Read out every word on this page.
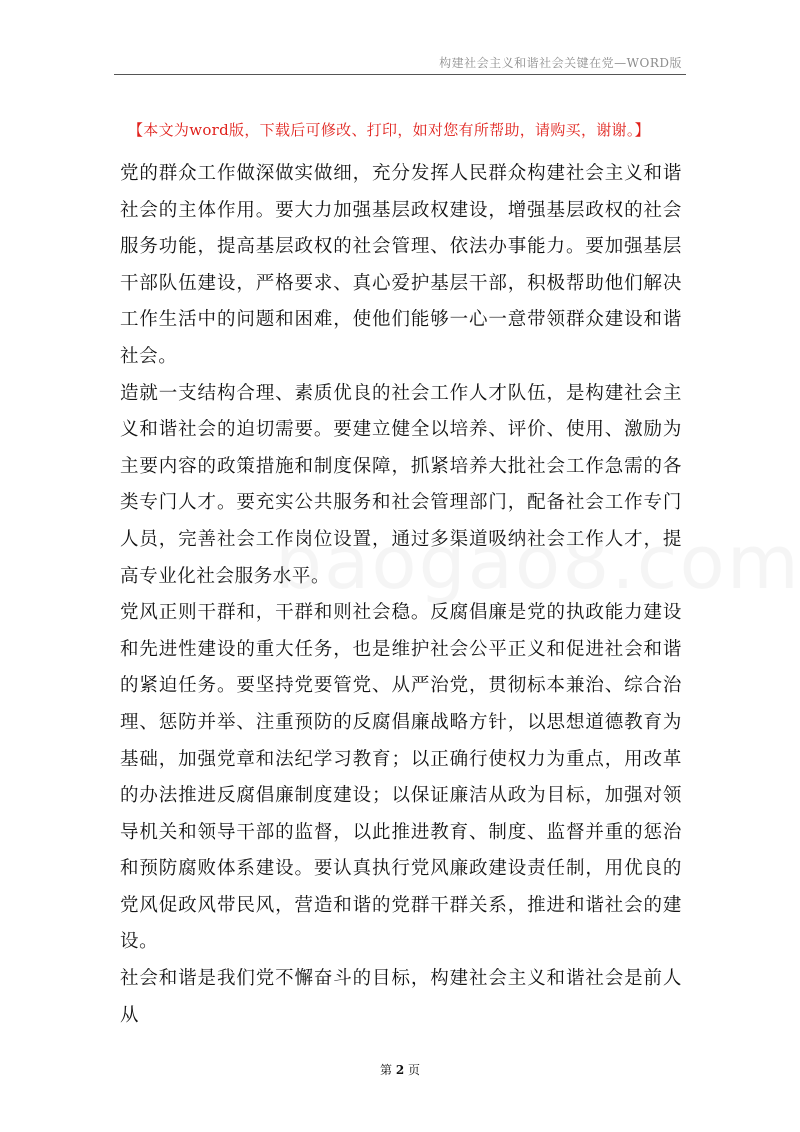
构建社会主义和谐社会关键在党—WORD版
【本文为word版，下载后可修改、打印，如对您有所帮助，请购买，谢谢。】

党的群众工作做深做实做细，充分发挥人民群众构建社会主义和谐社会的主体作用。要大力加强基层政权建设，增强基层政权的社会服务功能，提高基层政权的社会管理、依法办事能力。要加强基层干部队伍建设，严格要求、真心爱护基层干部，积极帮助他们解决工作生活中的问题和困难，使他们能够一心一意带领群众建设和谐社会。

造就一支结构合理、素质优良的社会工作人才队伍，是构建社会主义和谐社会的迫切需要。要建立健全以培养、评价、使用、激励为主要内容的政策措施和制度保障，抓紧培养大批社会工作急需的各类专门人才。要充实公共服务和社会管理部门，配备社会工作专门人员，完善社会工作岗位设置，通过多渠道吸纳社会工作人才，提高专业化社会服务水平。

党风正则干群和，干群和则社会稳。反腐倡廉是党的执政能力建设和先进性建设的重大任务，也是维护社会公平正义和促进社会和谐的紧迫任务。要坚持党要管党、从严治党，贯彻标本兼治、综合治理、惩防并举、注重预防的反腐倡廉战略方针，以思想道德教育为基础，加强党章和法纪学习教育；以正确行使权力为重点，用改革的办法推进反腐倡廉制度建设；以保证廉洁从政为目标，加强对领导机关和领导干部的监督，以此推进教育、制度、监督并重的惩治和预防腐败体系建设。要认真执行党风廉政建设责任制，用优良的党风促政风带民风，营造和谐的党群干群关系，推进和谐社会的建设。

社会和谐是我们党不懈奋斗的目标，构建社会主义和谐社会是前人从

第 2 页
